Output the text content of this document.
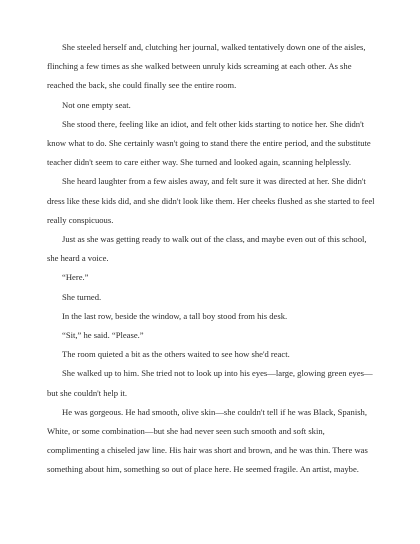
She steeled herself and, clutching her journal, walked tentatively down one of the aisles, flinching a few times as she walked between unruly kids screaming at each other. As she reached the back, she could finally see the entire room.

Not one empty seat.

She stood there, feeling like an idiot, and felt other kids starting to notice her. She didn't know what to do. She certainly wasn't going to stand there the entire period, and the substitute teacher didn't seem to care either way. She turned and looked again, scanning helplessly.

She heard laughter from a few aisles away, and felt sure it was directed at her. She didn't dress like these kids did, and she didn't look like them. Her cheeks flushed as she started to feel really conspicuous.

Just as she was getting ready to walk out of the class, and maybe even out of this school, she heard a voice.

“Here.”

She turned.

In the last row, beside the window, a tall boy stood from his desk.

“Sit,” he said. “Please.”

The room quieted a bit as the others waited to see how she'd react.

She walked up to him. She tried not to look up into his eyes—large, glowing green eyes—but she couldn't help it.

He was gorgeous. He had smooth, olive skin—she couldn't tell if he was Black, Spanish, White, or some combination—but she had never seen such smooth and soft skin, complimenting a chiseled jaw line. His hair was short and brown, and he was thin. There was something about him, something so out of place here. He seemed fragile. An artist, maybe.
